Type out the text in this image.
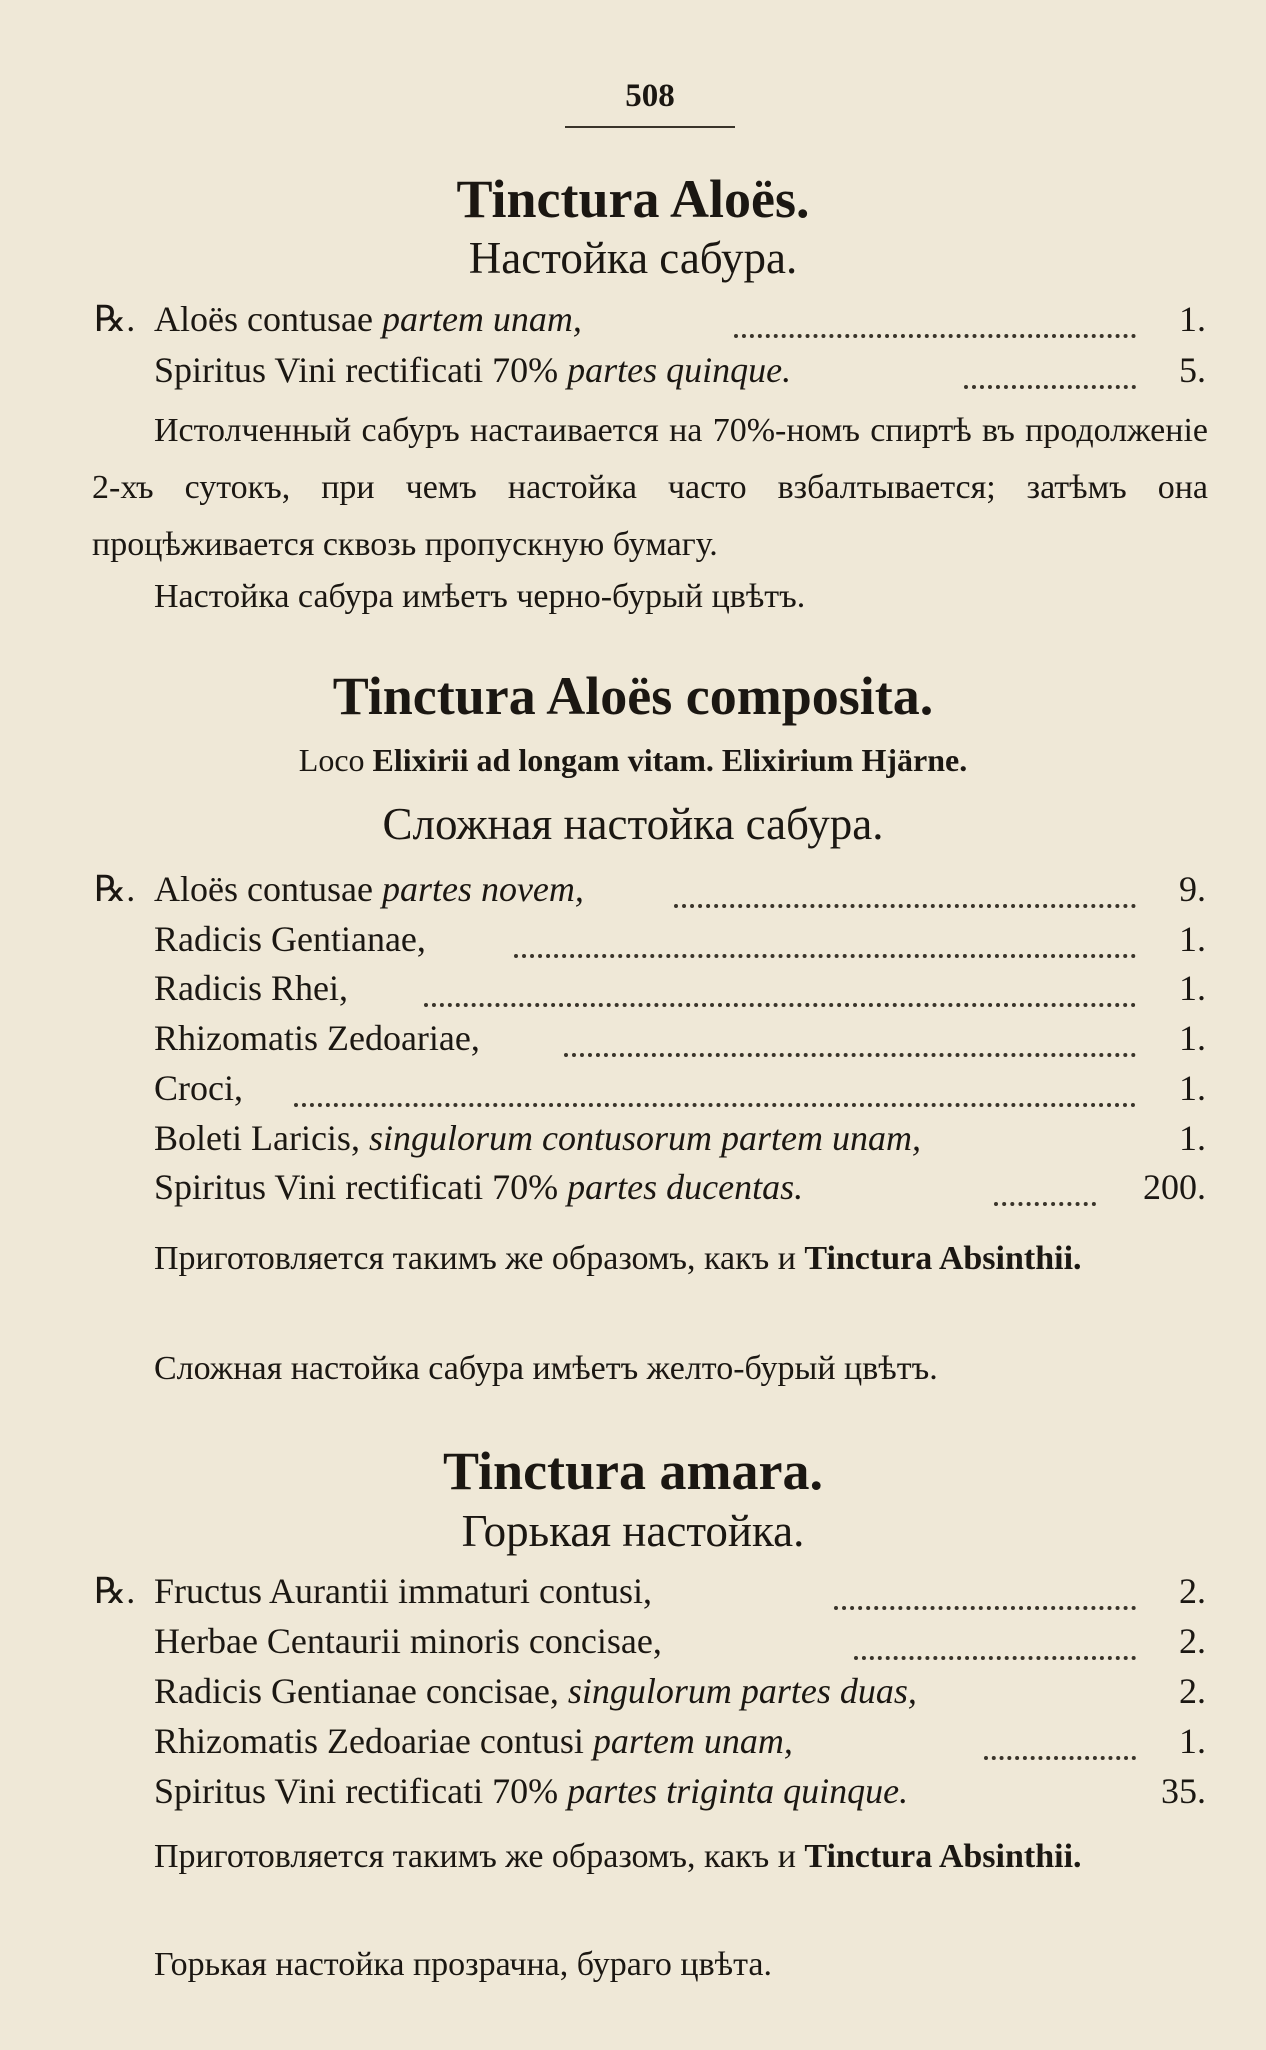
508
Tinctura Aloës.
Настойка сабура.
℞. Aloës contusae partem unam,	1.
Spiritus Vini rectificati 70% partes quinque.	5.
Истолченный сабуръ настаивается на 70%-номъ спиртѣ въ продолженіе 2-хъ сутокъ, при чемъ настойка часто взбалтывается; затѣмъ она процѣживается сквозь пропускную бумагу.
Настойка сабура имѣетъ черно-бурый цвѣтъ.
Tinctura Aloës composita.
Loco Elixirii ad longam vitam. Elixirium Hjärne.
Сложная настойка сабура.
℞. Aloës contusae partes novem,	9.
Radicis Gentianae,	1.
Radicis Rhei,	1.
Rhizomatis Zedoariae,	1.
Croci,	1.
Boleti Laricis, singulorum contusorum partem unam,	1.
Spiritus Vini rectificati 70% partes ducentas.	200.
Приготовляется такимъ же образомъ, какъ и Tinctura Absinthii.
Сложная настойка сабура имѣетъ желто-бурый цвѣтъ.
Tinctura amara.
Горькая настойка.
℞. Fructus Aurantii immaturi contusi,	2.
Herbae Centaurii minoris concisae,	2.
Radicis Gentianae concisae, singulorum partes duas,	2.
Rhizomatis Zedoariae contusi partem unam,	1.
Spiritus Vini rectificati 70% partes triginta quinque.	35.
Приготовляется такимъ же образомъ, какъ и Tinctura Absinthii.
Горькая настойка прозрачна, бураго цвѣта.
